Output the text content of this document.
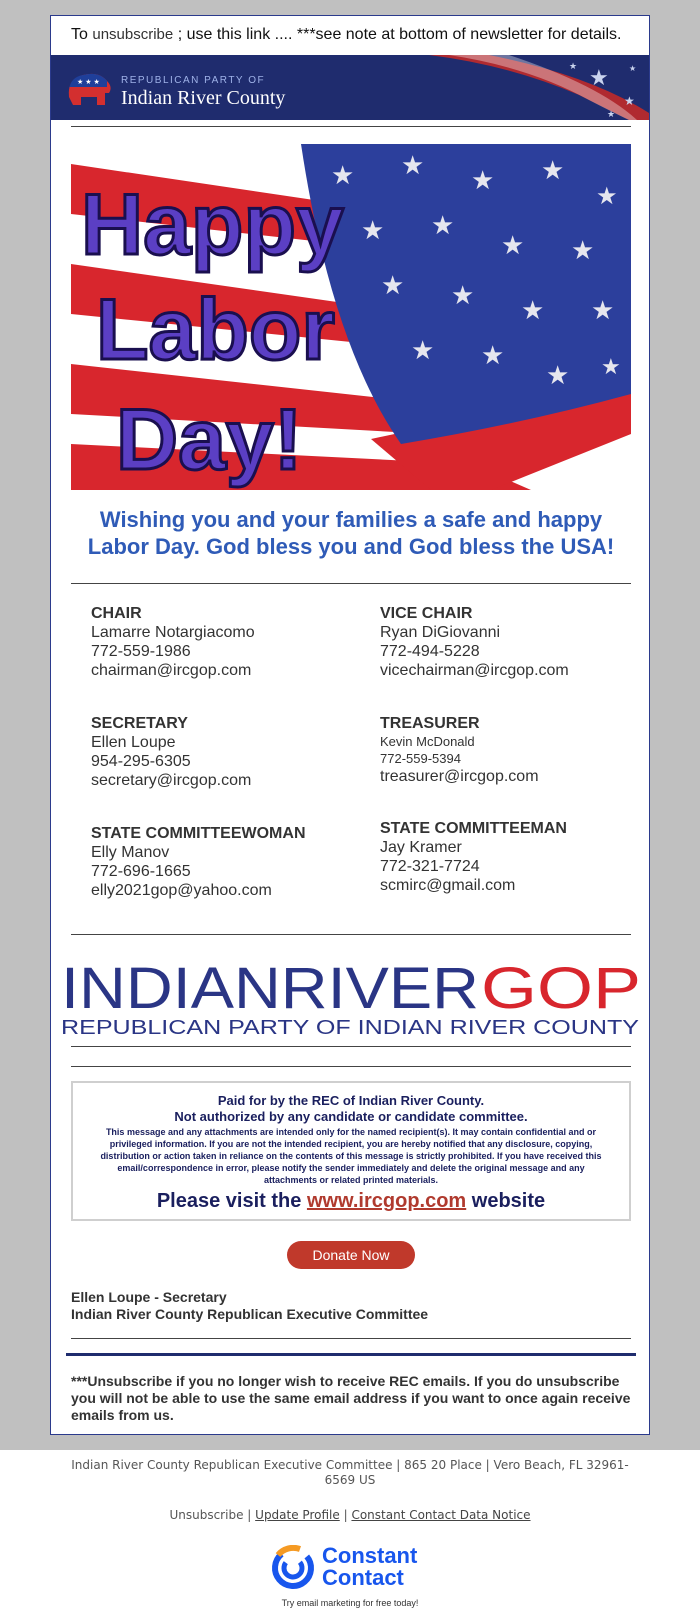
To unsubscribe ; use this link .... ***see note at bottom of newsletter for details.
★ ★ ★ REPUBLICAN PARTY OF
Indian River County
★
★
★	★
★
★ ★ ★ ★
★
★ ★
★ ★
★ ★ ★ ★
★ ★
★ ★
Happy
Labor
Day!
Wishing you and your families a safe and happy Labor Day. God bless you and God bless the USA!
CHAIR
Lamarre Notargiacomo
772-559-1986
chairman@ircgop.com
VICE CHAIR
Ryan DiGiovanni
772-494-5228
vicechairman@ircgop.com
SECRETARY
Ellen Loupe
954-295-6305
secretary@ircgop.com
TREASURER
Kevin McDonald
772-559-5394
treasurer@ircgop.com
STATE COMMITTEEWOMAN
Elly Manov
772-696-1665
elly2021gop@yahoo.com
STATE COMMITTEEMAN
Jay Kramer
772-321-7724
scmirc@gmail.com
INDIANRIVER GOP
REPUBLICAN PARTY OF INDIAN RIVER COUNTY
Paid for by the REC of Indian River County.
Not authorized by any candidate or candidate committee.
This message and any attachments are intended only for the named recipient(s). It may contain confidential and or privileged information. If you are not the intended recipient, you are hereby notified that any disclosure, copying, distribution or action taken in reliance on the contents of this message is strictly prohibited. If you have received this email/correspondence in error, please notify the sender immediately and delete the original message and any attachments or related printed materials.
Please visit the www.ircgop.com website
Donate Now
Ellen Loupe - Secretary
Indian River County Republican Executive Committee
***Unsubscribe if you no longer wish to receive REC emails. If you do unsubscribe you will not be able to use the same email address if you want to once again receive emails from us.
Indian River County Republican Executive Committee | 865 20 Place | Vero Beach, FL 32961-6569 US
Unsubscribe | Update Profile | Constant Contact Data Notice
Constant
Contact
Try email marketing for free today!
